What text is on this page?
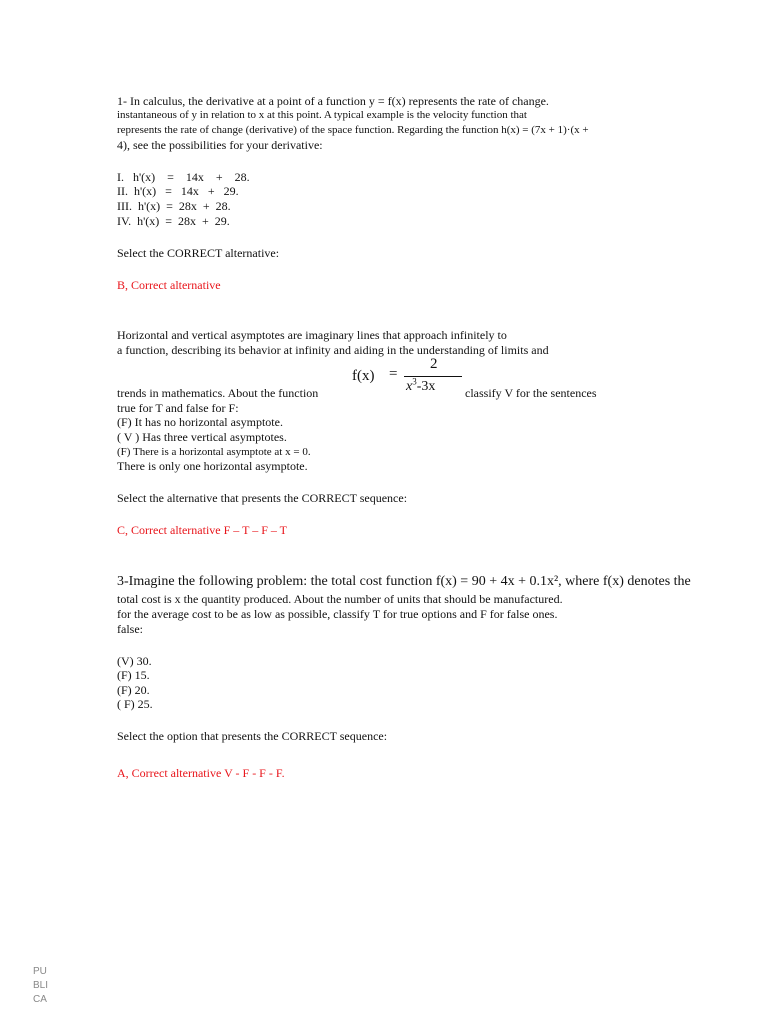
1- In calculus, the derivative at a point of a function y = f(x) represents the rate of change.
instantaneous of y in relation to x at this point. A typical example is the velocity function that
represents the rate of change (derivative) of the space function. Regarding the function h(x) = (7x + 1)·(x +
4), see the possibilities for your derivative:
I.   h'(x)    =    14x    +    28.
II.  h'(x)   =   14x   +   29.
III.  h'(x)  =  28x  +  28.
IV.  h'(x)  =  28x  +  29.
Select the CORRECT alternative:
B, Correct alternative
Horizontal and vertical asymptotes are imaginary lines that approach infinitely to
a function, describing its behavior at infinity and aiding in the understanding of limits and
f(x) =
2
$x^3-3x$
trends in mathematics. About the function	classify V for the sentences
true for T and false for F:
(F) It has no horizontal asymptote.
( V ) Has three vertical asymptotes.
(F) There is a horizontal asymptote at x = 0.
There is only one horizontal asymptote.
Select the alternative that presents the CORRECT sequence:
C, Correct alternative F – T – F – T
3-Imagine the following problem: the total cost function f(x) = 90 + 4x + 0.1x², where f(x) denotes the
total cost is x the quantity produced. About the number of units that should be manufactured.
for the average cost to be as low as possible, classify T for true options and F for false ones.
false:
(V) 30.
(F) 15.
(F) 20.
( F) 25.
Select the option that presents the CORRECT sequence:
A, Correct alternative V - F - F - F.
PU
BLI
CA
